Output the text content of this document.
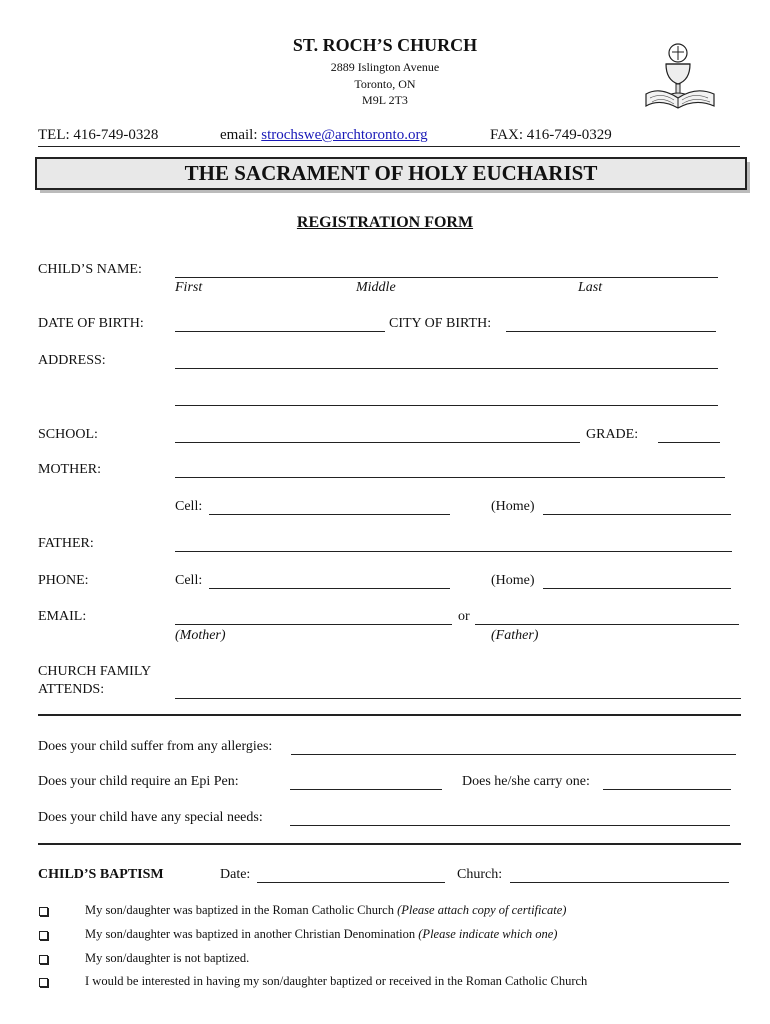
ST. ROCH’S CHURCH
2889 Islington Avenue
Toronto, ON
M9L 2T3
TEL: 416-749-0328	email: strochswe@archtoronto.org	FAX: 416-749-0329
THE SACRAMENT OF HOLY EUCHARIST
REGISTRATION FORM
CHILD’S NAME:
First	Middle	Last
DATE OF BIRTH:	CITY OF BIRTH:
ADDRESS:
SCHOOL:	GRADE:
MOTHER:
Cell:	(Home)
FATHER:
PHONE:	Cell:	(Home)
EMAIL:	or
(Mother)	(Father)
CHURCH FAMILY
ATTENDS:
Does your child suffer from any allergies:
Does your child require an Epi Pen:	Does he/she carry one:
Does your child have any special needs:
CHILD’S BAPTISM	Date:	Church:
My son/daughter was baptized in the Roman Catholic Church (Please attach copy of certificate)
My son/daughter was baptized in another Christian Denomination (Please indicate which one)
My son/daughter is not baptized.
I would be interested in having my son/daughter baptized or received in the Roman Catholic Church
